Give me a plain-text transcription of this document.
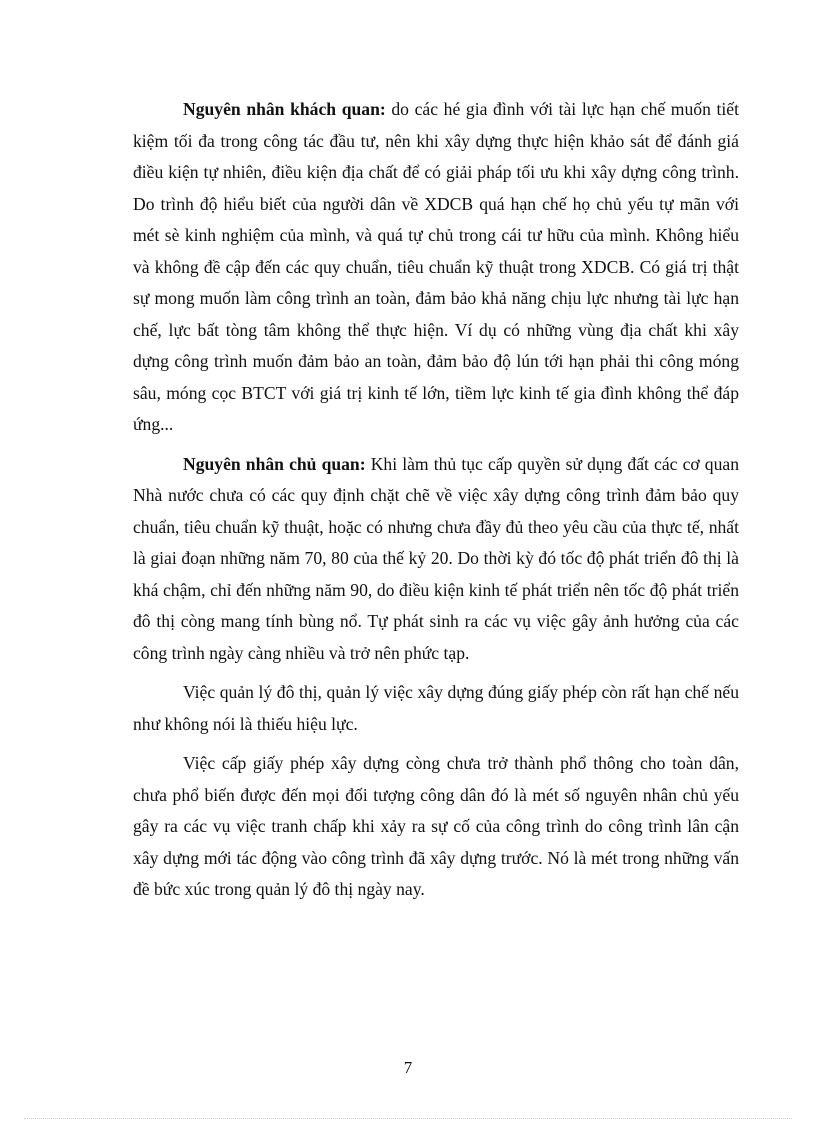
Nguyên nhân khách quan: do các hé gia đình với tài lực hạn chế muốn tiết kiệm tối đa trong công tác đầu tư, nên khi xây dựng thực hiện khảo sát để đánh giá điều kiện tự nhiên, điều kiện địa chất để có giải pháp tối ưu khi xây dựng công trình. Do trình độ hiểu biết của người dân về XDCB quá hạn chế họ chủ yếu tự mãn với mét sè kinh nghiệm của mình, và quá tự chủ trong cái tư hữu của mình. Không hiểu và không đề cập đến các quy chuẩn, tiêu chuẩn kỹ thuật trong XDCB. Có giá trị thật sự mong muốn làm công trình an toàn, đảm bảo khả năng chịu lực nhưng tài lực hạn chế, lực bất tòng tâm không thể thực hiện. Ví dụ có những vùng địa chất khi xây dựng công trình muốn đảm bảo an toàn, đảm bảo độ lún tới hạn phải thi công móng sâu, móng cọc BTCT với giá trị kinh tế lớn, tiềm lực kinh tế gia đình không thể đáp ứng...

Nguyên nhân chủ quan: Khi làm thủ tục cấp quyền sử dụng đất các cơ quan Nhà nước chưa có các quy định chặt chẽ về việc xây dựng công trình đảm bảo quy chuẩn, tiêu chuẩn kỹ thuật, hoặc có nhưng chưa đầy đủ theo yêu cầu của thực tế, nhất là giai đoạn những năm 70, 80 của thế kỷ 20. Do thời kỳ đó tốc độ phát triển đô thị là khá chậm, chỉ đến những năm 90, do điều kiện kinh tế phát triển nên tốc độ phát triển đô thị còng mang tính bùng nổ. Tự phát sinh ra các vụ việc gây ảnh hưởng của các công trình ngày càng nhiều và trở nên phức tạp.

Việc quản lý đô thị, quản lý việc xây dựng đúng giấy phép còn rất hạn chế nếu như không nói là thiếu hiệu lực.

Việc cấp giấy phép xây dựng còng chưa trở thành phổ thông cho toàn dân, chưa phổ biến được đến mọi đối tượng công dân đó là mét số nguyên nhân chủ yếu gây ra các vụ việc tranh chấp khi xảy ra sự cố của công trình do công trình lân cận xây dựng mới tác động vào công trình đã xây dựng trước. Nó là mét trong những vấn đề bức xúc trong quản lý đô thị ngày nay.

7
